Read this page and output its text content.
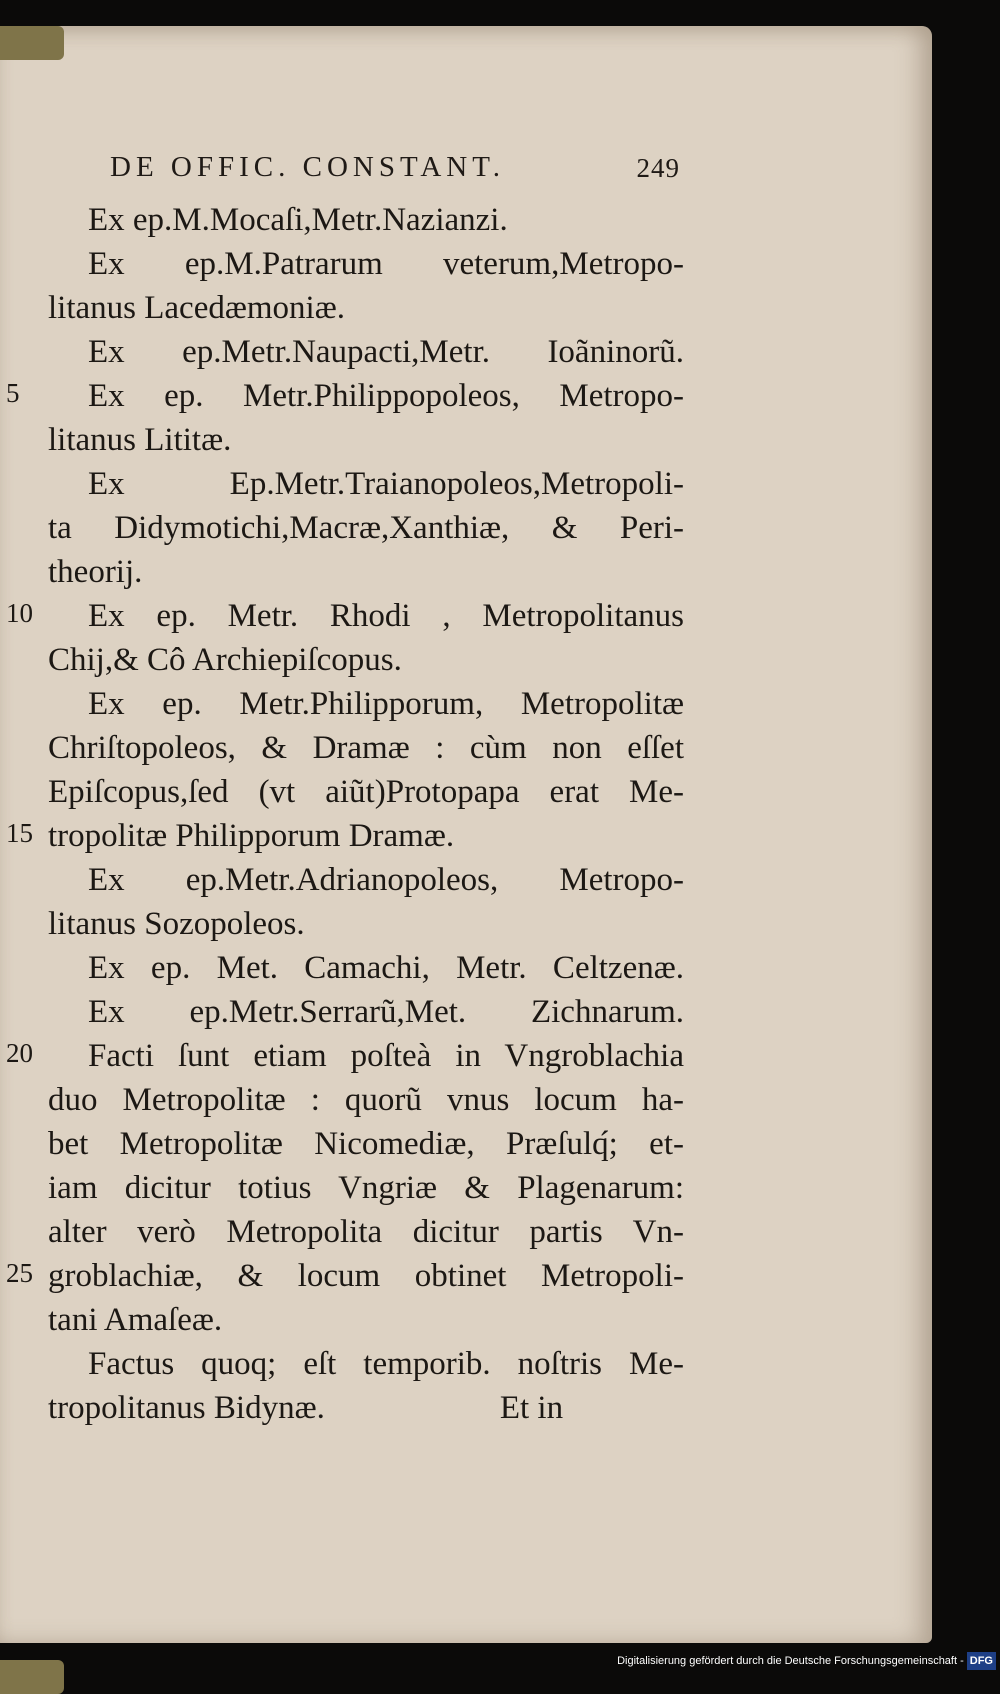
DE OFFIC. CONSTANT.	249
Ex ep.M.Mocaſi,Metr.Nazianzi.
Ex ep.M.Patrarum veterum,Metropo-
litanus Lacedæmoniæ.
Ex ep.Metr.Naupacti,Metr. Ioãninorũ.
Ex ep. Metr.Philippopoleos, Metropo-
litanus Lititæ.
Ex Ep.Metr.Traianopoleos,Metropoli-
ta Didymotichi,Macræ,Xanthiæ, & Peri-
theorij.
Ex ep. Metr. Rhodi , Metropolitanus
Chij,& Cô Archiepiſcopus.
Ex ep. Metr.Philipporum, Metropolitæ
Chriſtopoleos, & Dramæ : cùm non eſſet
Epiſcopus,ſed (vt aiũt)Protopapa erat Me-
tropolitæ Philipporum Dramæ.
Ex ep.Metr.Adrianopoleos, Metropo-
litanus Sozopoleos.
Ex ep. Met. Camachi, Metr. Celtzenæ.
Ex ep.Metr.Serrarũ,Met. Zichnarum.
Facti ſunt etiam poſteà in Vngroblachia
duo Metropolitæ : quorũ vnus locum ha-
bet Metropolitæ Nicomediæ, Præſulq́; et-
iam dicitur totius Vngriæ & Plagenarum:
alter verò Metropolita dicitur partis Vn-
groblachiæ, & locum obtinet Metropoli-
tani Amaſeæ.
Factus quoq; eſt temporib. noſtris Me-
tropolitanus Bidynæ.	Et in
5
10
15
20
25
Digitalisierung gefördert durch die Deutsche Forschungsgemeinschaft - DFG
